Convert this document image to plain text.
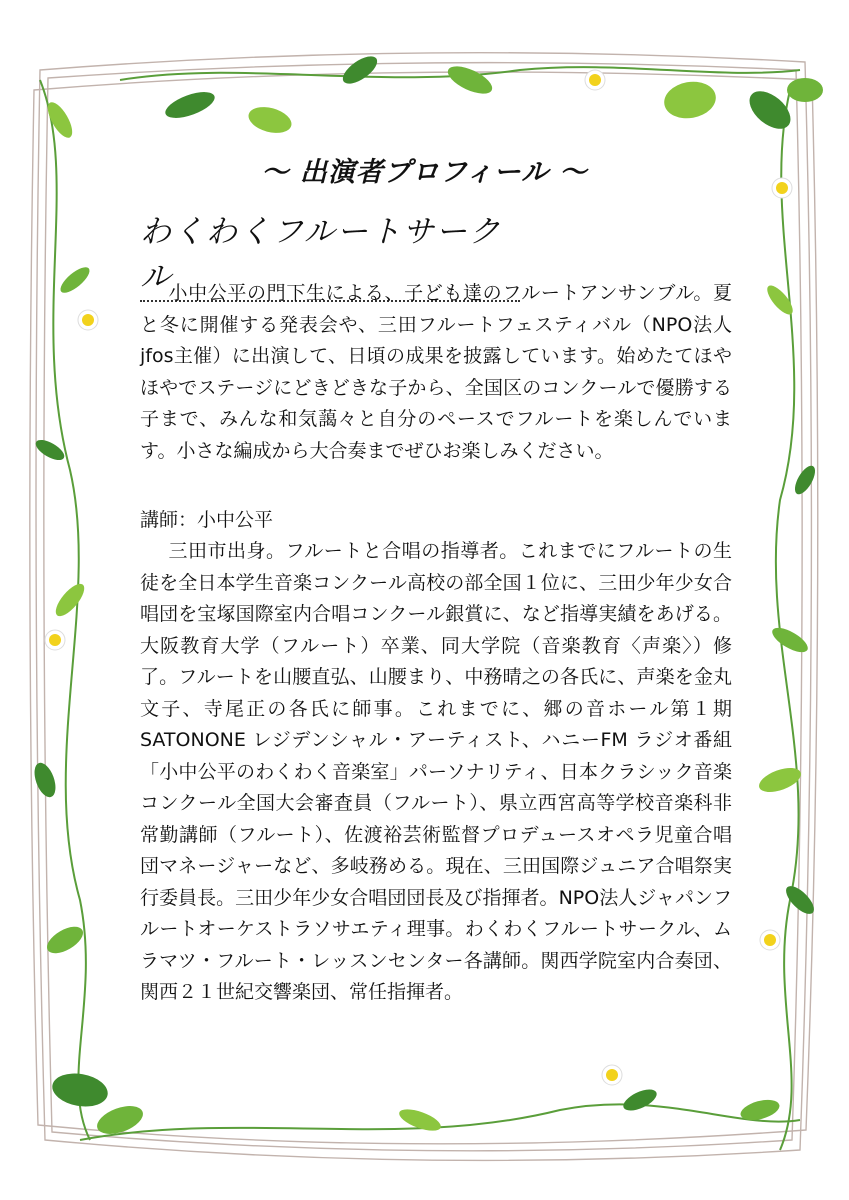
～ 出演者プロフィール ～
わくわくフルートサークル

小中公平の門下生による、子ども達のフルートアンサンブル。夏と冬に開催する発表会や、三田フルートフェスティバル（NPO法人jfos主催）に出演して、日頃の成果を披露しています。始めたてほやほやでステージにどきどきな子から、全国区のコンクールで優勝する子まで、みんな和気藹々と自分のペースでフルートを楽しんでいます。小さな編成から大合奏までぜひお楽しみください。

講師：小中公平

三田市出身。フルートと合唱の指導者。これまでにフルートの生徒を全日本学生音楽コンクール高校の部全国１位に、三田少年少女合唱団を宝塚国際室内合唱コンクール銀賞に、など指導実績をあげる。大阪教育大学（フルート）卒業、同大学院（音楽教育〈声楽〉）修了。フルートを山腰直弘、山腰まり、中務晴之の各氏に、声楽を金丸文子、寺尾正の各氏に師事。これまでに、郷の音ホール第１期SATONONE レジデンシャル・アーティスト、ハニーFM ラジオ番組「小中公平のわくわく音楽室」パーソナリティ、日本クラシック音楽コンクール全国大会審査員（フルート）、県立西宮高等学校音楽科非常勤講師（フルート）、佐渡裕芸術監督プロデュースオペラ児童合唱団マネージャーなど、多岐務める。現在、三田国際ジュニア合唱祭実行委員長。三田少年少女合唱団団長及び指揮者。NPO法人ジャパンフルートオーケストラソサエティ理事。わくわくフルートサークル、ムラマツ・フルート・レッスンセンター各講師。関西学院室内合奏団、関西２１世紀交響楽団、常任指揮者。
